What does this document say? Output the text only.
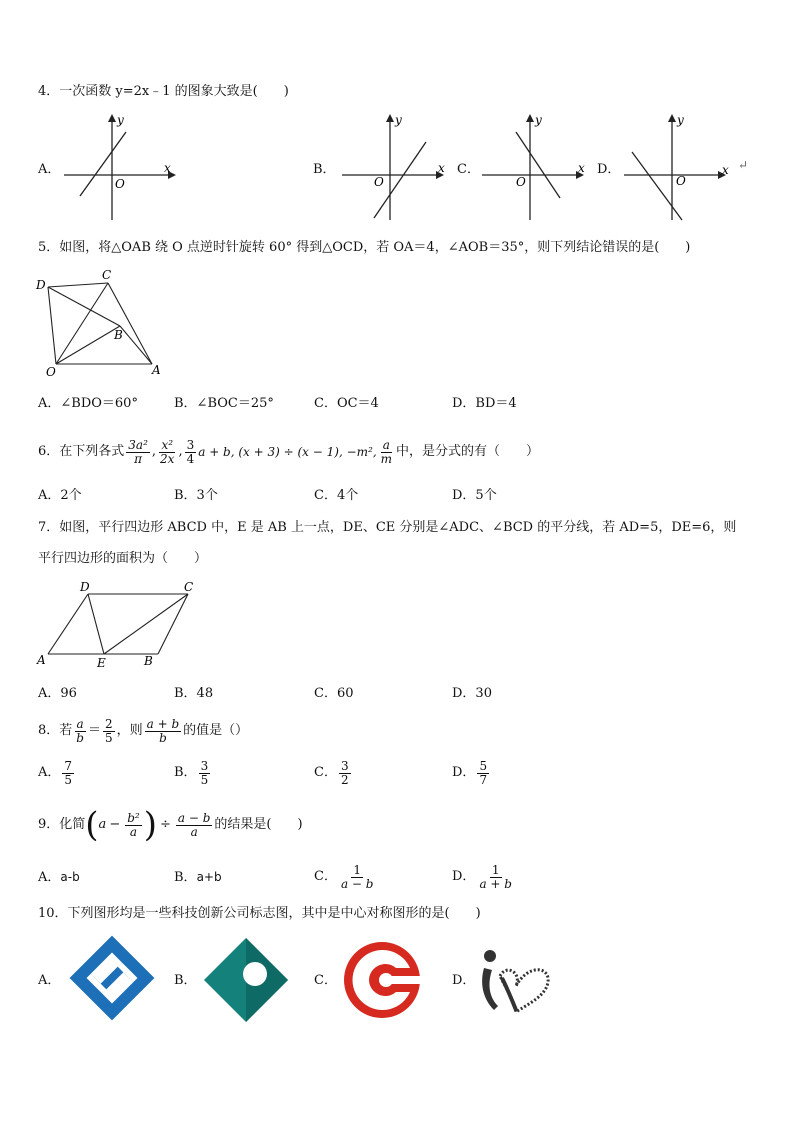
4．一次函数 y=2x﹣1 的图象大致是(　　)
A．	x
y
O
B．	x
y
O
C．	x
y
O
D．	x
y
O
↵
5．如图，将△OAB 绕 O 点逆时针旋转 60° 得到△OCD，若 OA＝4，∠AOB＝35°，则下列结论错误的是(　　)
D
C
B
O	A
A．∠BDO＝60°	B．∠BOC＝25°	C．OC＝4	D．BD＝4
6．在下列各式 $\frac{\text{3a²}}{\pi}$ , $\frac{\text{x²}}{2x}$ , $\frac{3}{4}$ a + b, (x + 3) ÷ (x − 1), −m², $\frac{a}{m}$ 中，是分式的有（　　）
A．2个	B．3个	C．4个	D．5个
7．如图，平行四边形 ABCD 中，E 是 AB 上一点，DE、CE 分别是∠ADC、∠BCD 的平分线，若 AD=5，DE=6，则
平行四边形的面积为（　　）
D	C
A	E	B
A．96	B．48	C．60	D．30
8．若 $\frac{a}{b} = \frac{2}{5}$ ，则 $\frac{a + b}{b}$ 的值是（）
A． $\frac{7}{5}$	B． $\frac{3}{5}$	C． $\frac{3}{2}$	D． $\frac{5}{7}$
9．化简 ( $a - \frac{\text{b²}}{a}$ ) ÷ $\frac{a - b}{a}$ 的结果是(　　)
A．a-b	B．a+b	C． $\frac{1}{a - b}$	D． $\frac{1}{a + b}$
10．下列图形均是一些科技创新公司标志图，其中是中心对称图形的是(　　)
A．	B．	C．	D．
